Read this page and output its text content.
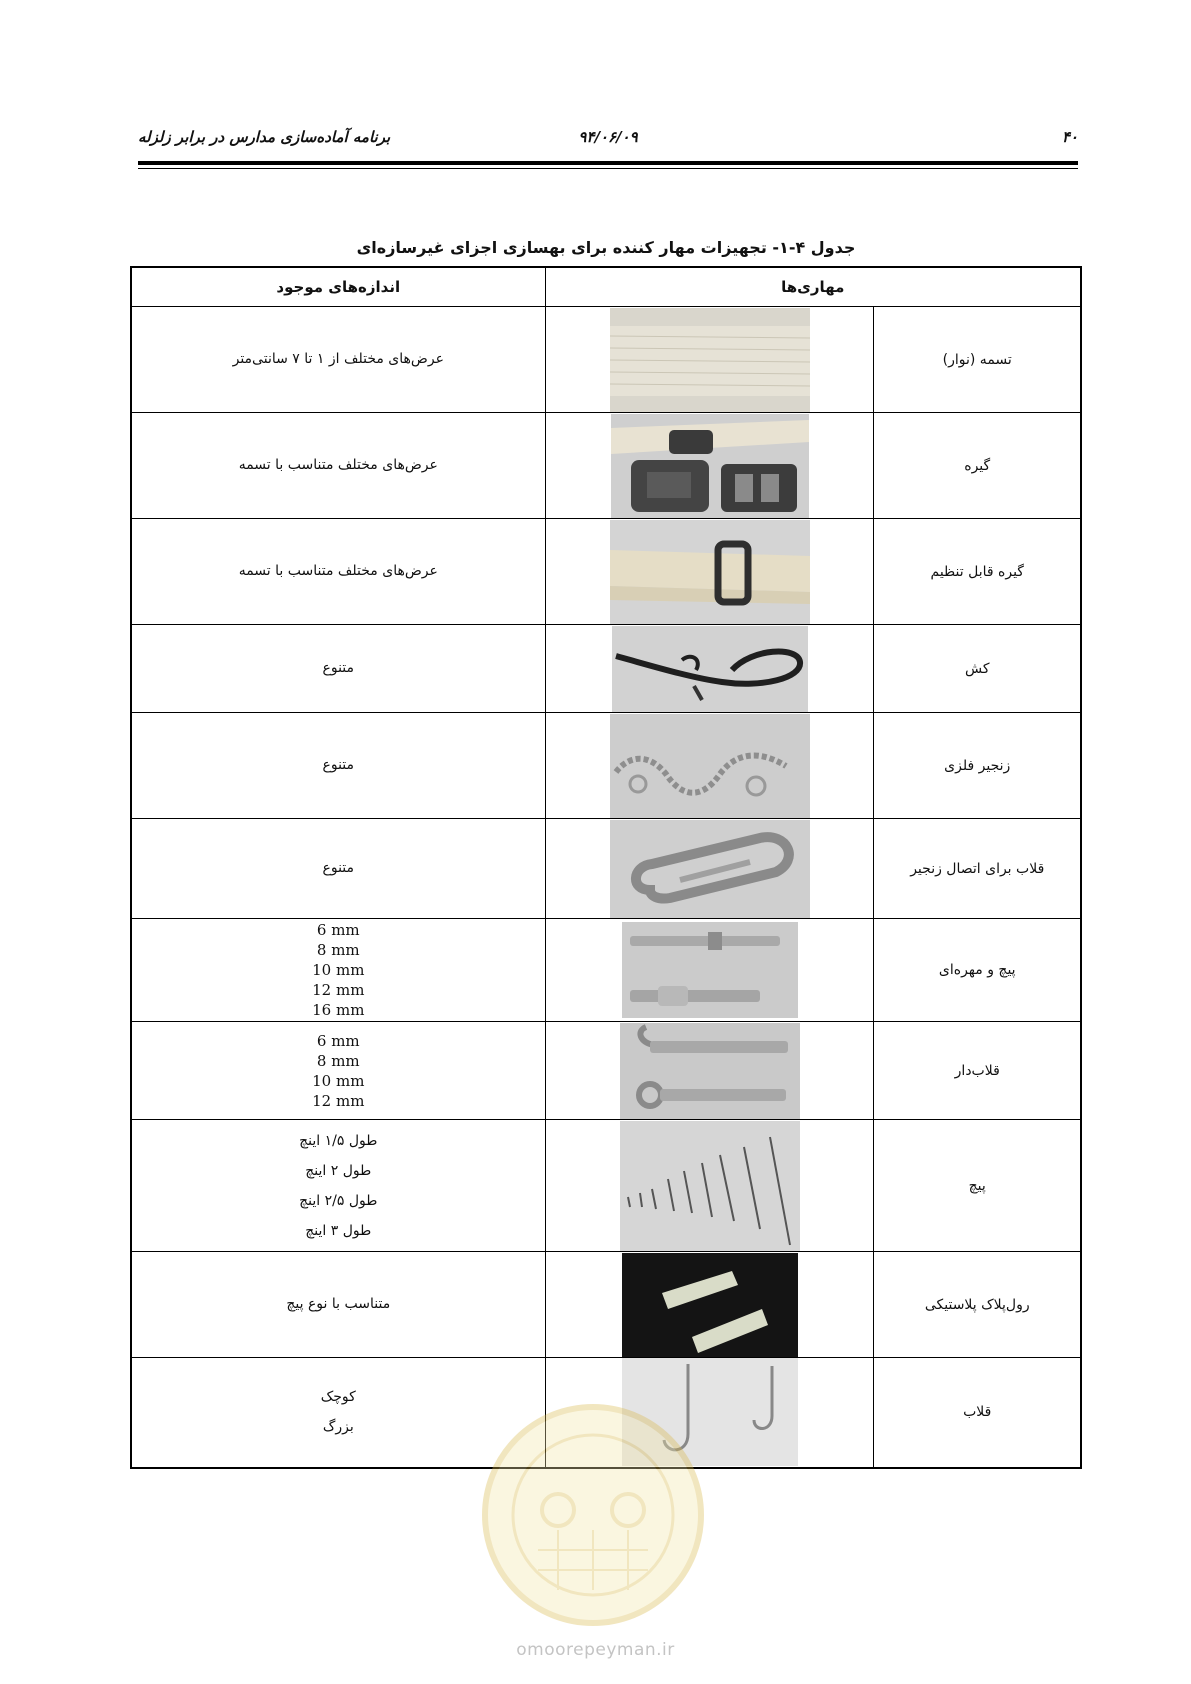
۴۰
۹۴/۰۶/۰۹
برنامه آماده‌سازی مدارس در برابر زلزله
جدول ۴-۱- تجهیزات مهار کننده برای بهسازی اجزای غیرسازه‌ای
مهاری‌ها		اندازه‌های موجود
تسمه (نوار)		عرض‌های مختلف از ۱ تا ۷ سانتی‌متر

گیره		عرض‌های مختلف متناسب با تسمه

گیره قابل تنظیم		عرض‌های مختلف متناسب با تسمه

کش		متنوع

زنجیر فلزی		متنوع

قلاب برای اتصال زنجیر		متنوع

پیچ و مهره‌ای		6 mm
8 mm
10 mm
12 mm
16 mm

قلاب‌دار		6 mm
8 mm
10 mm
12 mm

پیچ		طول ۱/۵ اینچ
طول ۲ اینچ
طول ۲/۵ اینچ
طول ۳ اینچ

رول‌پلاک پلاستیکی		متناسب با نوع پیچ

قلاب		کوچک
بزرگ
omoorepeyman.ir
